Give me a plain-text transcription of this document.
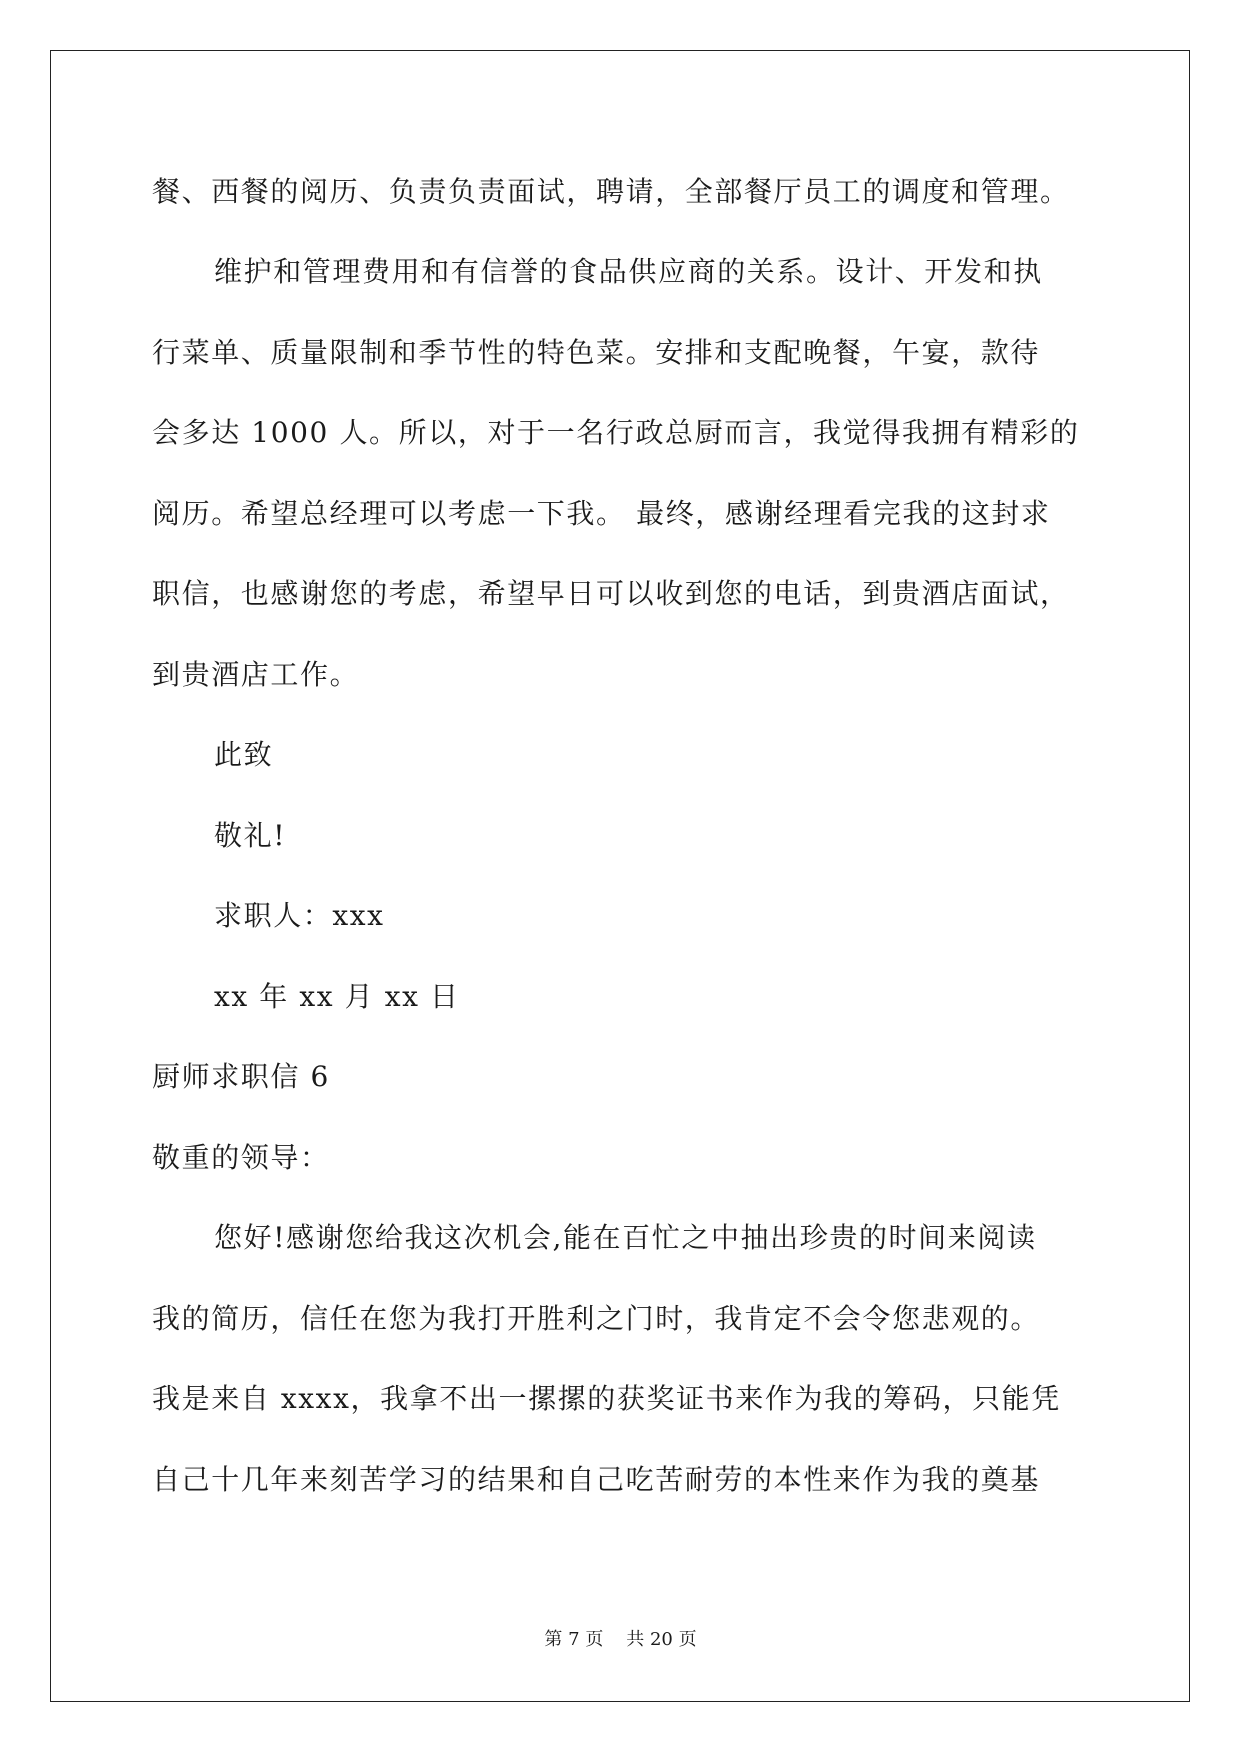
餐、西餐的阅历、负责负责面试，聘请，全部餐厅员工的调度和管理。
维护和管理费用和有信誉的食品供应商的关系。设计、开发和执
行菜单、质量限制和季节性的特色菜。安排和支配晚餐，午宴，款待
会多达 1000 人。所以，对于一名行政总厨而言，我觉得我拥有精彩的
阅历。希望总经理可以考虑一下我。 最终，感谢经理看完我的这封求
职信，也感谢您的考虑，希望早日可以收到您的电话，到贵酒店面试，
到贵酒店工作。
此致
敬礼!
求职人：xxx
xx 年 xx 月 xx 日
厨师求职信 6
敬重的领导：
您好!感谢您给我这次机会,能在百忙之中抽出珍贵的时间来阅读
我的简历，信任在您为我打开胜利之门时，我肯定不会令您悲观的。
我是来自 xxxx，我拿不出一摞摞的获奖证书来作为我的筹码，只能凭
自己十几年来刻苦学习的结果和自己吃苦耐劳的本性来作为我的奠基
第 7 页 共 20 页
